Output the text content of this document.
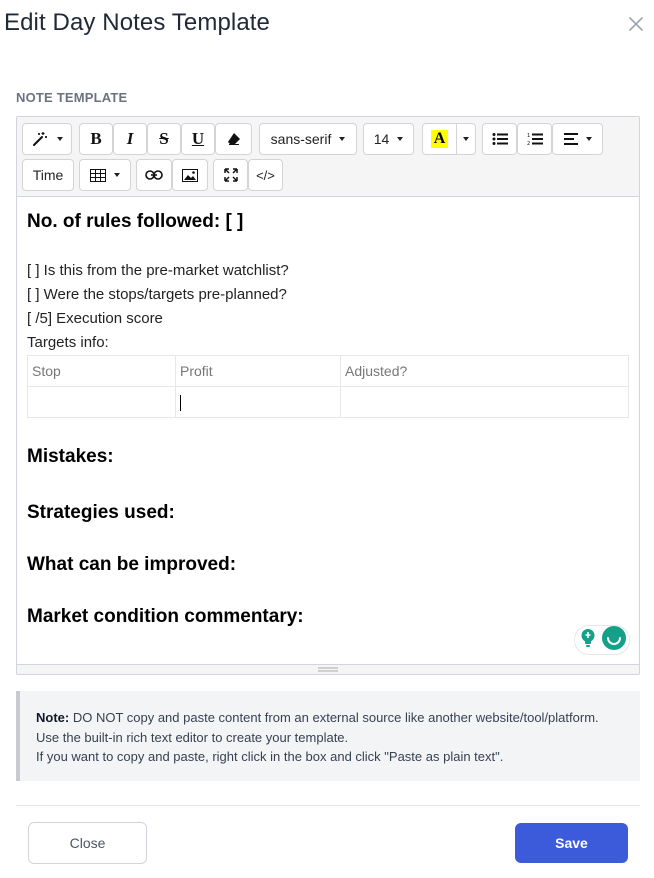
Edit Day Notes Template
NOTE TEMPLATE
B I S U	sans-serif	14	A	1
2
Time	</>
No. of rules followed: [ ]
[ ] Is this from the pre-market watchlist?
[ ] Were the stops/targets pre-planned?
[ /5] Execution score
Targets info:
Stop	Profit	Adjusted?

Mistakes:
Strategies used:
What can be improved:
Market condition commentary:
Note: DO NOT copy and paste content from an external source like another website/tool/platform. Use the built-in rich text editor to create your template.
If you want to copy and paste, right click in the box and click "Paste as plain text".
Close	Save
